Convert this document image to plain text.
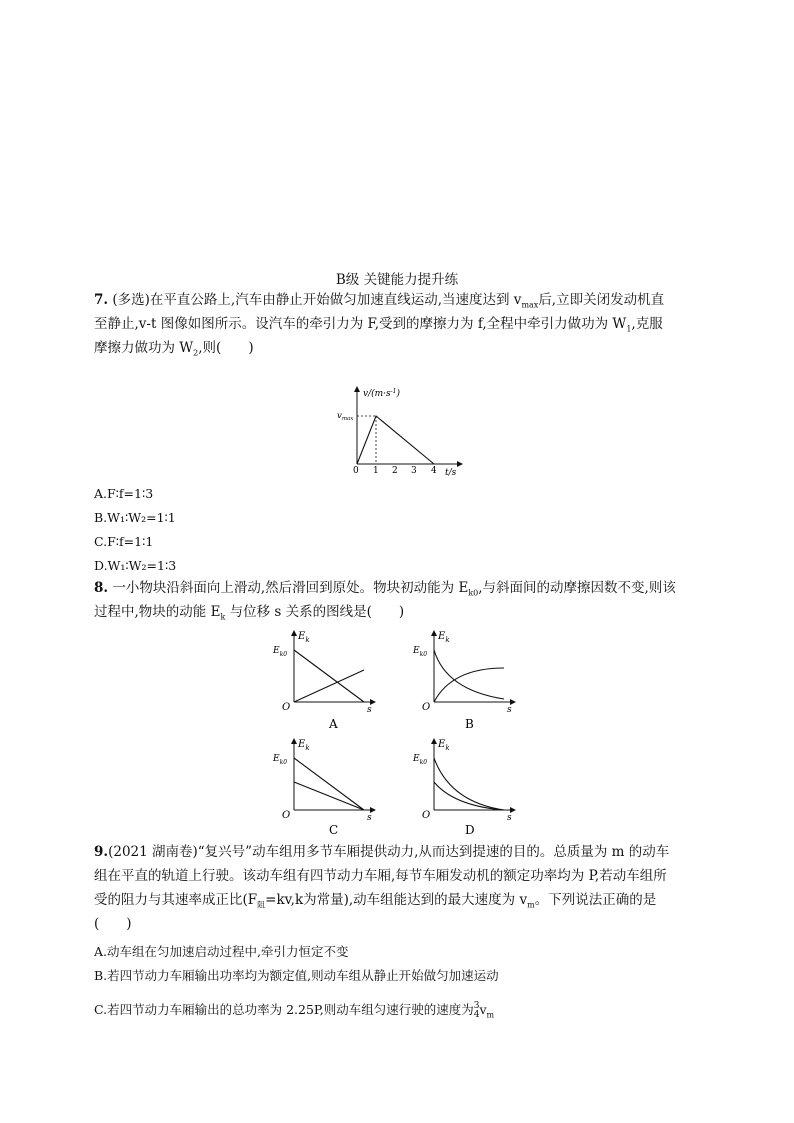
B级 关键能力提升练
7. (多选)在平直公路上,汽车由静止开始做匀加速直线运动,当速度达到 $v_{max}$后,立即关闭发动机直
至静止,v-t 图像如图所示。设汽车的牵引力为 F,受到的摩擦力为 f,全程中牵引力做功为 $W_1$,克服
摩擦力做功为 $W_2$,则(　　)
$v/(m\cdot s^{-1})$
$v_{max}$
0 1 2 3 4 t/s
A.F∶f=1∶3
B.W₁∶W₂=1∶1
C.F∶f=1∶1
D.W₁∶W₂=1∶3
8. 一小物块沿斜面向上滑动,然后滑回到原处。物块初动能为 $E_{k0}$,与斜面间的动摩擦因数不变,则该
过程中,物块的动能 $E_k$ 与位移 s 关系的图线是(　　)
$E_k$
$E_{k0}$
O	s
A
$E_k$
$E_{k0}$
O	s
B
$E_k$
$E_{k0}$
O	s
C
$E_k$
$E_{k0}$
O	s
D
9.(2021 湖南卷)“复兴号”动车组用多节车厢提供动力,从而达到提速的目的。总质量为 m 的动车
组在平直的轨道上行驶。该动车组有四节动力车厢,每节车厢发动机的额定功率均为 P,若动车组所
受的阻力与其速率成正比($F_阻=kv,k$为常量),动车组能达到的最大速度为 $v_m$。下列说法正确的是
(　　)
A.动车组在匀加速启动过程中,牵引力恒定不变
B.若四节动力车厢输出功率均为额定值,则动车组从静止开始做匀加速运动
C.若四节动力车厢输出的总功率为 2.25P,则动车组匀速行驶的速度为 3
4 $v_m$
